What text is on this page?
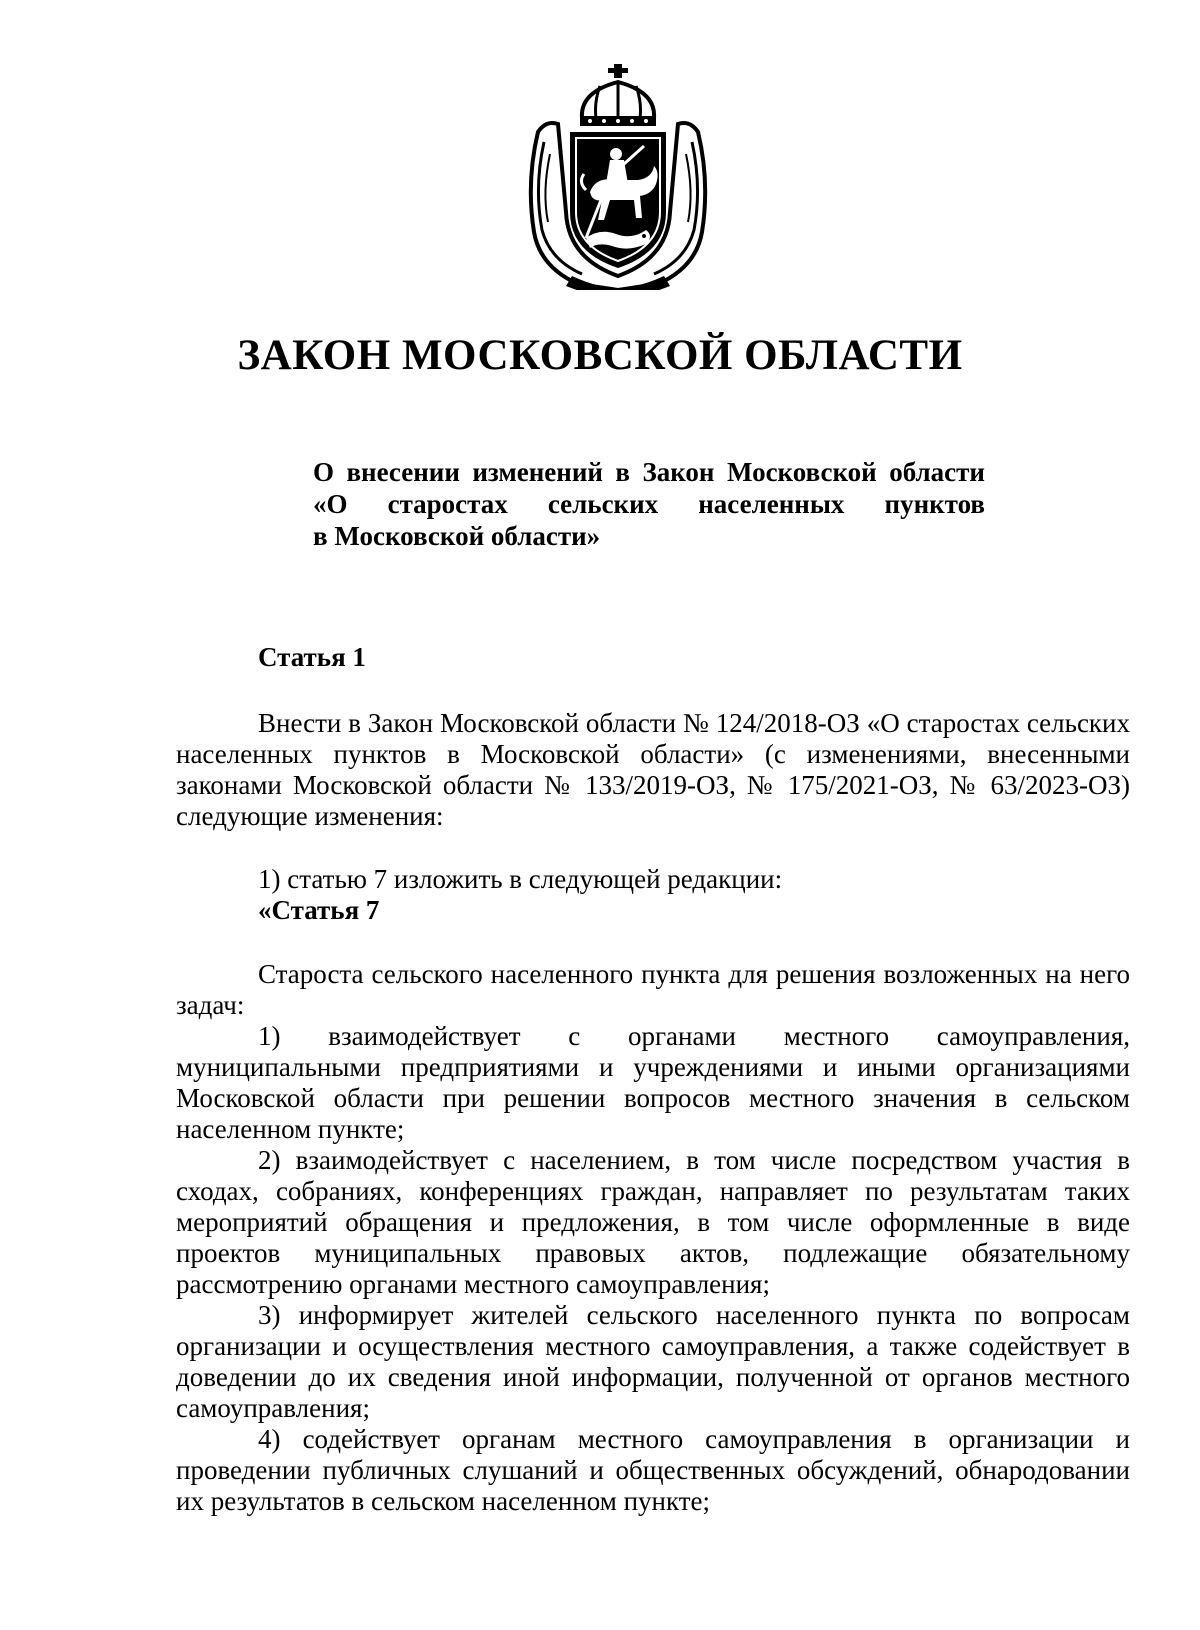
ЗАКОН МОСКОВСКОЙ ОБЛАСТИ
О внесении изменений в Закон Московской области
«О старостах сельских населенных пунктов
в Московской области»
Статья 1

Внести в Закон Московской области № 124/2018-ОЗ «О старостах сельских населенных пунктов в Московской области» (с изменениями, внесенными законами Московской области № 133/2019-ОЗ, № 175/2021-ОЗ, № 63/2023-ОЗ) следующие изменения:

1) статью 7 изложить в следующей редакции:

«Статья 7

Староста сельского населенного пункта для решения возложенных на него задач:

1) взаимодействует с органами местного самоуправления, муниципальными предприятиями и учреждениями и иными организациями Московской области при решении вопросов местного значения в сельском населенном пункте;

2) взаимодействует с населением, в том числе посредством участия в сходах, собраниях, конференциях граждан, направляет по результатам таких мероприятий обращения и предложения, в том числе оформленные в виде проектов муниципальных правовых актов, подлежащие обязательному рассмотрению органами местного самоуправления;

3) информирует жителей сельского населенного пункта по вопросам организации и осуществления местного самоуправления, а также содействует в доведении до их сведения иной информации, полученной от органов местного самоуправления;

4) содействует органам местного самоуправления в организации и проведении публичных слушаний и общественных обсуждений, обнародовании их результатов в сельском населенном пункте;
